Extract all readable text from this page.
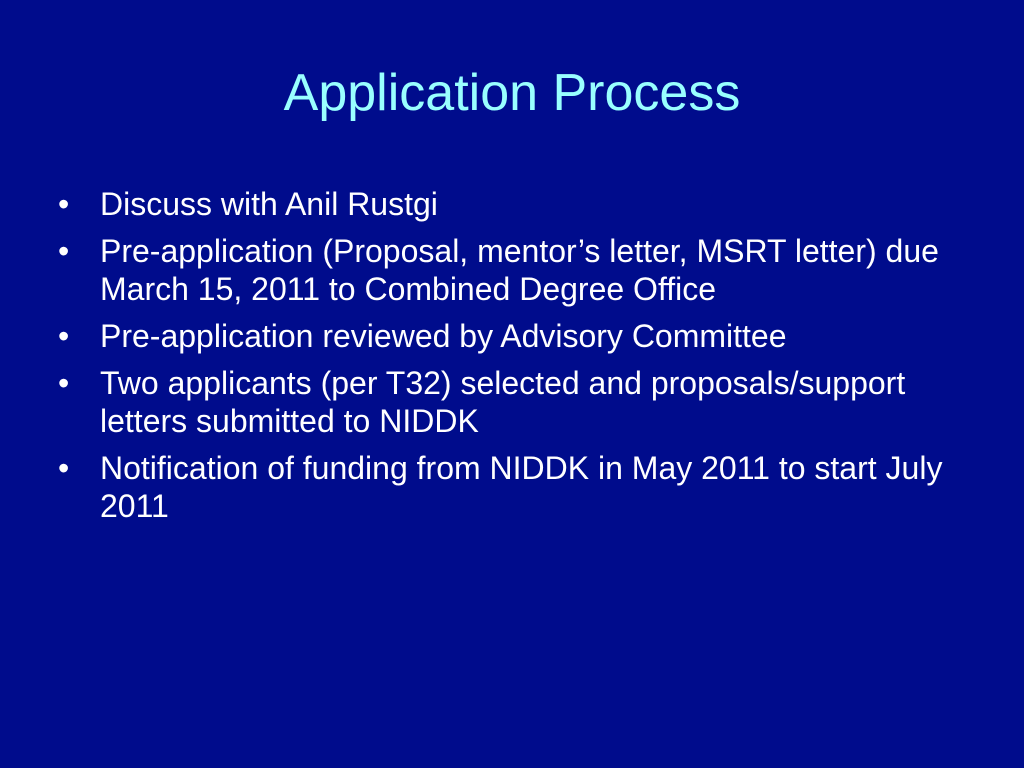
Application Process
• Discuss with Anil Rustgi
• Pre-application (Proposal, mentor’s letter, MSRT letter) due March 15, 2011 to Combined Degree Office
• Pre-application reviewed by Advisory Committee
• Two applicants (per T32) selected and proposals/support letters submitted to NIDDK
• Notification of funding from NIDDK in May 2011 to start July 2011
